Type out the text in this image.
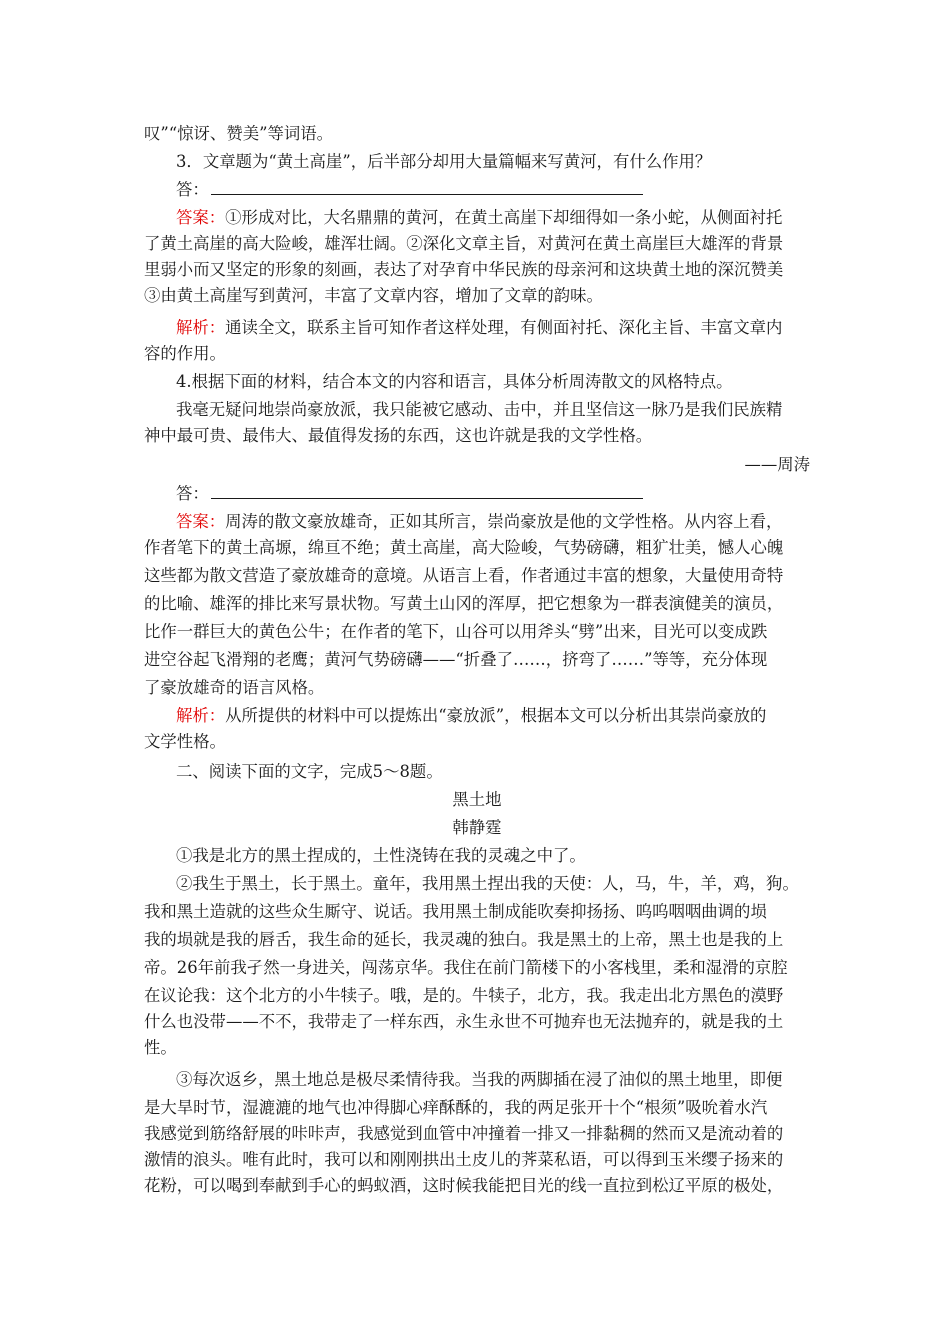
叹”“惊讶、赞美”等词语。
3．文章题为“黄土高崖”，后半部分却用大量篇幅来写黄河，有什么作用？
答：
答案：①形成对比，大名鼎鼎的黄河，在黄土高崖下却细得如一条小蛇，从侧面衬托
了黄土高崖的高大险峻，雄浑壮阔。②深化文章主旨，对黄河在黄土高崖巨大雄浑的背景
里弱小而又坚定的形象的刻画，表达了对孕育中华民族的母亲河和这块黄土地的深沉赞美
③由黄土高崖写到黄河，丰富了文章内容，增加了文章的韵味。
解析：通读全文，联系主旨可知作者这样处理，有侧面衬托、深化主旨、丰富文章内
容的作用。
4.根据下面的材料，结合本文的内容和语言，具体分析周涛散文的风格特点。
我毫无疑问地崇尚豪放派，我只能被它感动、击中，并且坚信这一脉乃是我们民族精
神中最可贵、最伟大、最值得发扬的东西，这也许就是我的文学性格。
——周涛
答：
答案：周涛的散文豪放雄奇，正如其所言，崇尚豪放是他的文学性格。从内容上看，
作者笔下的黄土高塬，绵亘不绝；黄土高崖，高大险峻，气势磅礴，粗犷壮美，憾人心魄
这些都为散文营造了豪放雄奇的意境。从语言上看，作者通过丰富的想象，大量使用奇特
的比喻、雄浑的排比来写景状物。写黄土山冈的浑厚，把它想象为一群表演健美的演员，
比作一群巨大的黄色公牛；在作者的笔下，山谷可以用斧头“劈”出来，目光可以变成跌
进空谷起飞滑翔的老鹰；黄河气势磅礴——“折叠了……，挤弯了……”等等，充分体现
了豪放雄奇的语言风格。
解析：从所提供的材料中可以提炼出“豪放派”，根据本文可以分析出其崇尚豪放的
文学性格。
二、阅读下面的文字，完成5～8题。
黑土地
韩静霆
①我是北方的黑土捏成的，土性浇铸在我的灵魂之中了。
②我生于黑土，长于黑土。童年，我用黑土捏出我的天使：人，马，牛，羊，鸡，狗。
我和黑土造就的这些众生厮守、说话。我用黑土制成能吹奏抑扬扬、呜呜咽咽曲调的埙
我的埙就是我的唇舌，我生命的延长，我灵魂的独白。我是黑土的上帝，黑土也是我的上
帝。26年前我孑然一身进关，闯荡京华。我住在前门箭楼下的小客栈里，柔和湿滑的京腔
在议论我：这个北方的小牛犊子。哦，是的。牛犊子，北方，我。我走出北方黑色的漠野
什么也没带——不不，我带走了一样东西，永生永世不可抛弃也无法抛弃的，就是我的土
性。
③每次返乡，黑土地总是极尽柔情待我。当我的两脚插在浸了油似的黑土地里，即便
是大旱时节，湿漉漉的地气也冲得脚心痒酥酥的，我的两足张开十个“根须”吸吮着水汽
我感觉到筋络舒展的咔咔声，我感觉到血管中冲撞着一排又一排黏稠的然而又是流动着的
激情的浪头。唯有此时，我可以和刚刚拱出土皮儿的荠菜私语，可以得到玉米缨子扬来的
花粉，可以喝到奉献到手心的蚂蚁酒，这时候我能把目光的线一直拉到松辽平原的极处，
